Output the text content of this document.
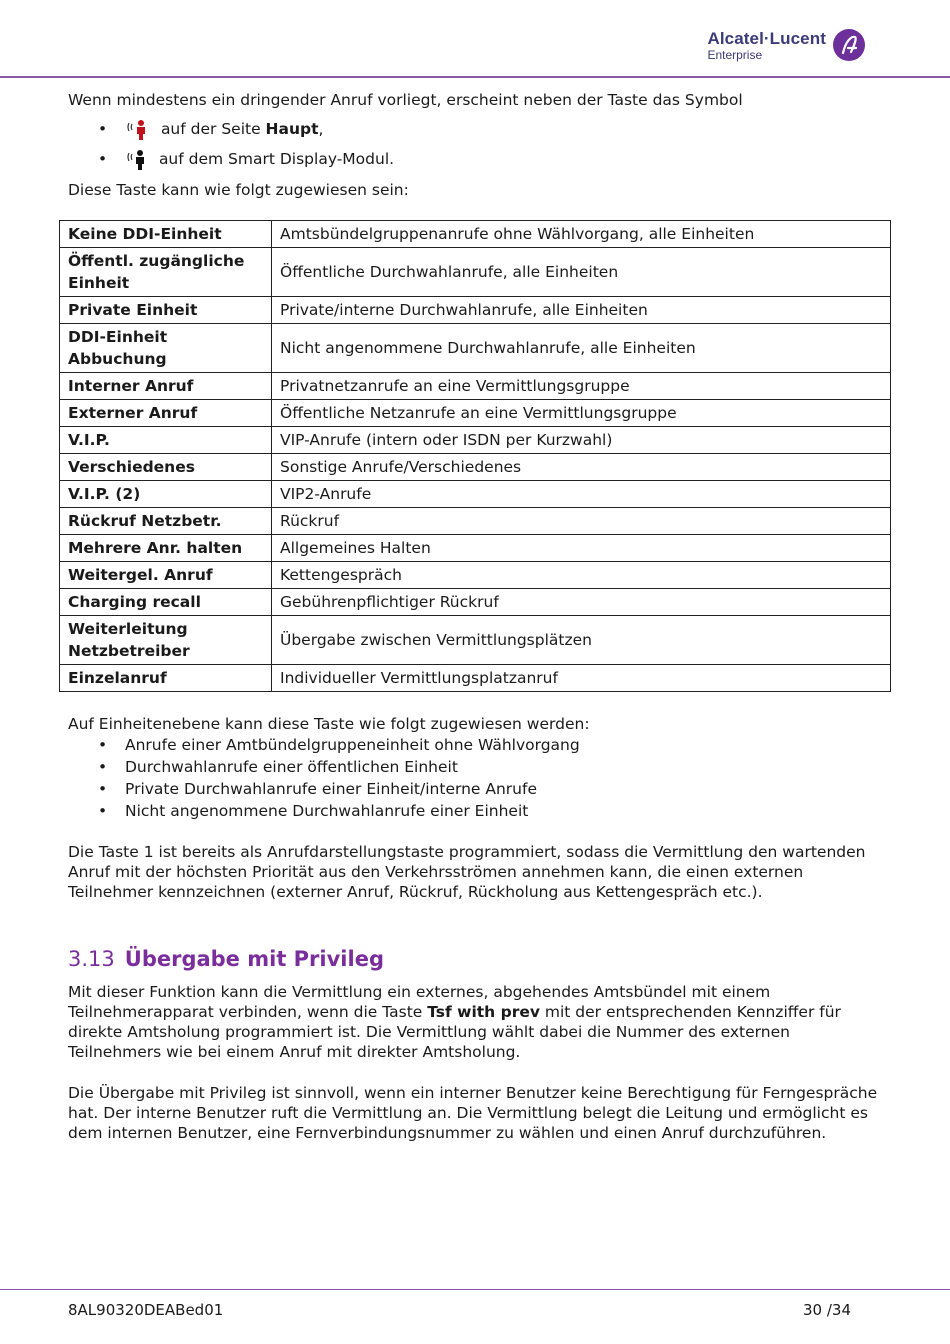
Alcatel·Lucent
Enterprise

Wenn mindestens ein dringender Anruf vorliegt, erscheint neben der Taste das Symbol

•	auf der Seite Haupt,
•	auf dem Smart Display-Modul.

Diese Taste kann wie folgt zugewiesen sein:

Keine DDI-Einheit	Amtsbündelgruppenanrufe ohne Wählvorgang, alle Einheiten
Öffentl. zugängliche Einheit	Öffentliche Durchwahlanrufe, alle Einheiten
Private Einheit	Private/interne Durchwahlanrufe, alle Einheiten
DDI-Einheit Abbuchung	Nicht angenommene Durchwahlanrufe, alle Einheiten
Interner Anruf	Privatnetzanrufe an eine Vermittlungsgruppe
Externer Anruf	Öffentliche Netzanrufe an eine Vermittlungsgruppe
V.I.P.	VIP-Anrufe (intern oder ISDN per Kurzwahl)
Verschiedenes	Sonstige Anrufe/Verschiedenes
V.I.P. (2)	VIP2-Anrufe
Rückruf Netzbetr.	Rückruf
Mehrere Anr. halten	Allgemeines Halten
Weitergel. Anruf	Kettengespräch
Charging recall	Gebührenpflichtiger Rückruf
Weiterleitung Netzbetreiber	Übergabe zwischen Vermittlungsplätzen
Einzelanruf	Individueller Vermittlungsplatzanruf

Auf Einheitenebene kann diese Taste wie folgt zugewiesen werden:

• Anrufe einer Amtbündelgruppeneinheit ohne Wählvorgang
• Durchwahlanrufe einer öffentlichen Einheit
• Private Durchwahlanrufe einer Einheit/interne Anrufe
• Nicht angenommene Durchwahlanrufe einer Einheit

Die Taste 1 ist bereits als Anrufdarstellungstaste programmiert, sodass die Vermittlung den wartenden Anruf mit der höchsten Priorität aus den Verkehrsströmen annehmen kann, die einen externen Teilnehmer kennzeichnen (externer Anruf, Rückruf, Rückholung aus Kettengespräch etc.).

3.13 Übergabe mit Privileg

Mit dieser Funktion kann die Vermittlung ein externes, abgehendes Amtsbündel mit einem Teilnehmerapparat verbinden, wenn die Taste Tsf with prev mit der entsprechenden Kennziffer für direkte Amtsholung programmiert ist. Die Vermittlung wählt dabei die Nummer des externen Teilnehmers wie bei einem Anruf mit direkter Amtsholung.

Die Übergabe mit Privileg ist sinnvoll, wenn ein interner Benutzer keine Berechtigung für Ferngespräche hat. Der interne Benutzer ruft die Vermittlung an. Die Vermittlung belegt die Leitung und ermöglicht es dem internen Benutzer, eine Fernverbindungsnummer zu wählen und einen Anruf durchzuführen.

8AL90320DEABed01	30 /34
